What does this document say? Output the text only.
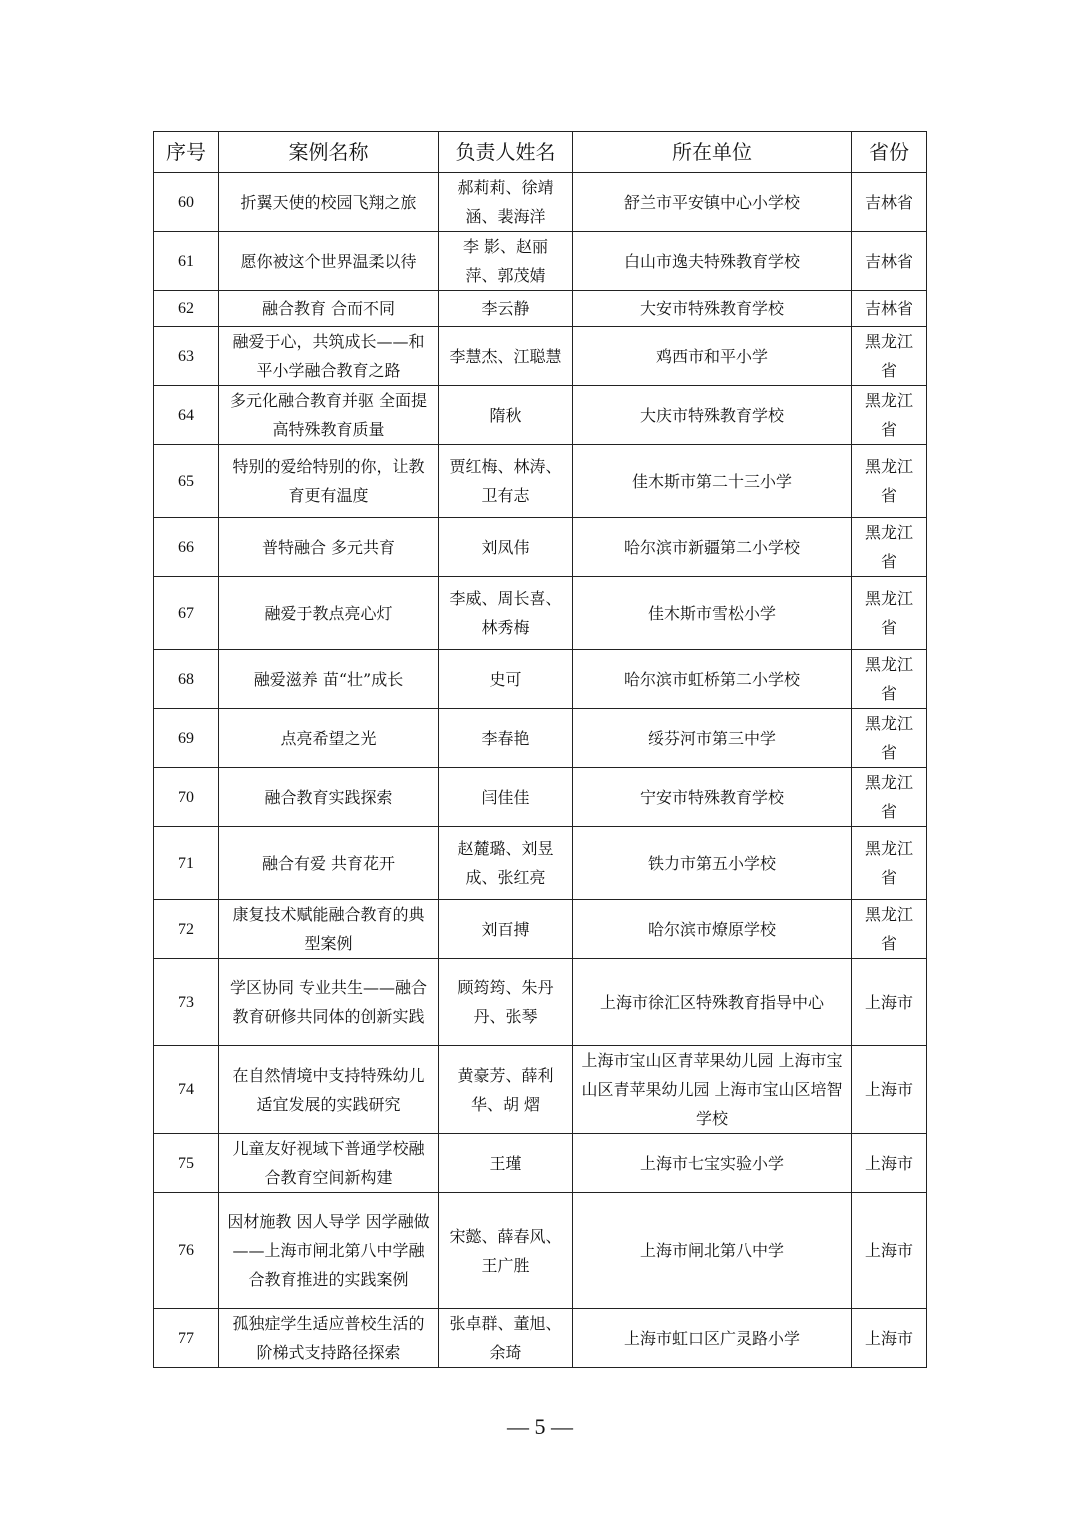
序号	案例名称	负责人姓名	所在单位	省份
60	折翼天使的校园飞翔之旅	郝莉莉、徐靖涵、裴海洋	舒兰市平安镇中心小学校	吉林省
61	愿你被这个世界温柔以待	李 影、赵丽萍、郭茂婧	白山市逸夫特殊教育学校	吉林省
62	融合教育 合而不同	李云静	大安市特殊教育学校	吉林省
63	融爱于心，共筑成长——和平小学融合教育之路	李慧杰、江聪慧	鸡西市和平小学	黑龙江省
64	多元化融合教育并驱 全面提高特殊教育质量	隋秋	大庆市特殊教育学校	黑龙江省
65	特别的爱给特别的你，让教育更有温度	贾红梅、林涛、卫有志	佳木斯市第二十三小学	黑龙江省
66	普特融合 多元共育	刘凤伟	哈尔滨市新疆第二小学校	黑龙江省
67	融爱于教点亮心灯	李威、周长喜、林秀梅	佳木斯市雪松小学	黑龙江省
68	融爱滋养 苗“壮”成长	史可	哈尔滨市虹桥第二小学校	黑龙江省
69	点亮希望之光	李春艳	绥芬河市第三中学	黑龙江省
70	融合教育实践探索	闫佳佳	宁安市特殊教育学校	黑龙江省
71	融合有爱 共育花开	赵麓璐、刘昱成、张红亮	铁力市第五小学校	黑龙江省
72	康复技术赋能融合教育的典型案例	刘百搏	哈尔滨市燎原学校	黑龙江省
73	学区协同 专业共生——融合教育研修共同体的创新实践	顾筠筠、朱丹丹、张琴	上海市徐汇区特殊教育指导中心	上海市
74	在自然情境中支持特殊幼儿适宜发展的实践研究	黄豪芳、薛利华、胡 熠	上海市宝山区青苹果幼儿园 上海市宝山区青苹果幼儿园 上海市宝山区培智学校	上海市
75	儿童友好视域下普通学校融合教育空间新构建	王瑾	上海市七宝实验小学	上海市
76	因材施教 因人导学 因学融做——上海市闸北第八中学融合教育推进的实践案例	宋懿、薛春风、王广胜	上海市闸北第八中学	上海市
77	孤独症学生适应普校生活的阶梯式支持路径探索	张卓群、董旭、余琦	上海市虹口区广灵路小学	上海市
— 5 —
